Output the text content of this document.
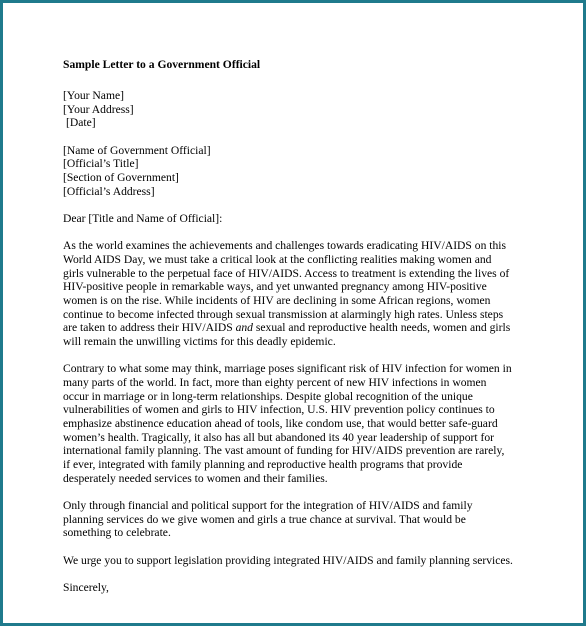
Sample Letter to a Government Official
[Your Name]
[Your Address]
[Date]
[Name of Government Official]
[Official’s Title]
[Section of Government]
[Official’s Address]

Dear [Title and Name of Official]:

As the world examines the achievements and challenges towards eradicating HIV/AIDS on this
World AIDS Day, we must take a critical look at the conflicting realities making women and
girls vulnerable to the perpetual face of HIV/AIDS. Access to treatment is extending the lives of
HIV-positive people in remarkable ways, and yet unwanted pregnancy among HIV-positive
women is on the rise. While incidents of HIV are declining in some African regions, women
continue to become infected through sexual transmission at alarmingly high rates. Unless steps
are taken to address their HIV/AIDS and sexual and reproductive health needs, women and girls
will remain the unwilling victims for this deadly epidemic.

Contrary to what some may think, marriage poses significant risk of HIV infection for women in
many parts of the world. In fact, more than eighty percent of new HIV infections in women
occur in marriage or in long-term relationships. Despite global recognition of the unique
vulnerabilities of women and girls to HIV infection, U.S. HIV prevention policy continues to
emphasize abstinence education ahead of tools, like condom use, that would better safe-guard
women’s health. Tragically, it also has all but abandoned its 40 year leadership of support for
international family planning. The vast amount of funding for HIV/AIDS prevention are rarely,
if ever, integrated with family planning and reproductive health programs that provide
desperately needed services to women and their families.

Only through financial and political support for the integration of HIV/AIDS and family
planning services do we give women and girls a true chance at survival. That would be
something to celebrate.

We urge you to support legislation providing integrated HIV/AIDS and family planning services.

Sincerely,
